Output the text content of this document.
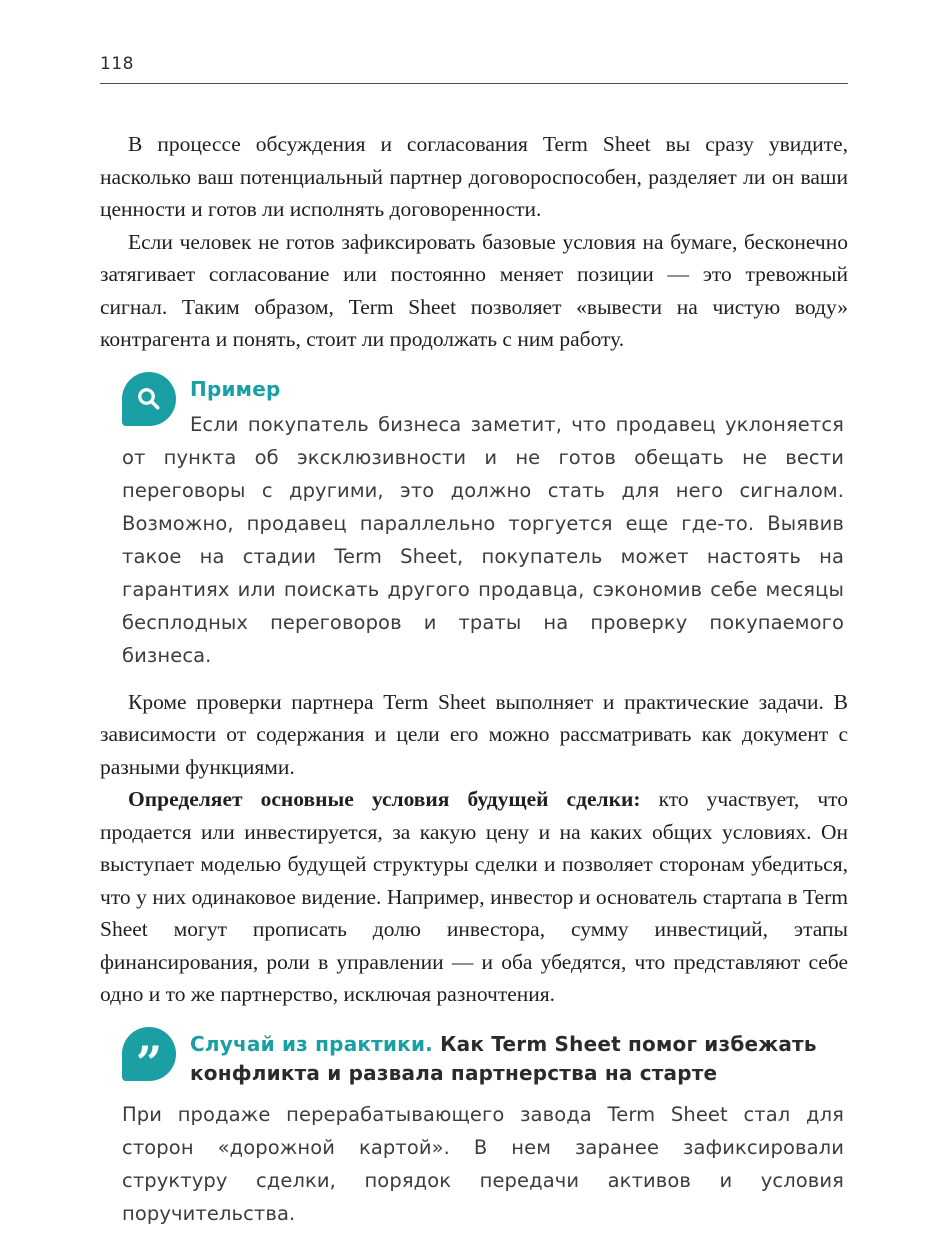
118

В процессе обсуждения и согласования Term Sheet вы сразу увидите, насколько ваш потенциальный партнер договороспособен, разделяет ли он ваши ценности и готов ли исполнять договоренности.

Если человек не готов зафиксировать базовые условия на бумаге, бесконечно затягивает согласование или постоянно меняет позиции — это тревожный сигнал. Таким образом, Term Sheet позволяет «вывести на чистую воду» контрагента и понять, стоит ли продолжать с ним работу.

Пример

Если покупатель бизнеса заметит, что продавец уклоняется от пункта об эксклюзивности и не готов обещать не вести переговоры с другими, это должно стать для него сигналом. Возможно, продавец параллельно торгуется еще где-то. Выявив такое на стадии Term Sheet, покупатель может настоять на гарантиях или поискать другого продавца, сэкономив себе месяцы бесплодных переговоров и траты на проверку покупаемого бизнеса.

Кроме проверки партнера Term Sheet выполняет и практические задачи. В зависимости от содержания и цели его можно рассматривать как документ с разными функциями.

Определяет основные условия будущей сделки: кто участвует, что продается или инвестируется, за какую цену и на каких общих условиях. Он выступает моделью будущей структуры сделки и позволяет сторонам убедиться, что у них одинаковое видение. Например, инвестор и основатель стартапа в Term Sheet могут прописать долю инвестора, сумму инвестиций, этапы финансирования, роли в управлении — и оба убедятся, что представляют себе одно и то же партнерство, исключая разночтения.

”	Случай из практики. Как Term Sheet помог избежать конфликта и развала партнерства на старте

При продаже перерабатывающего завода Term Sheet стал для сторон «дорожной картой». В нем заранее зафиксировали структуру сделки, порядок передачи активов и условия поручительства.
